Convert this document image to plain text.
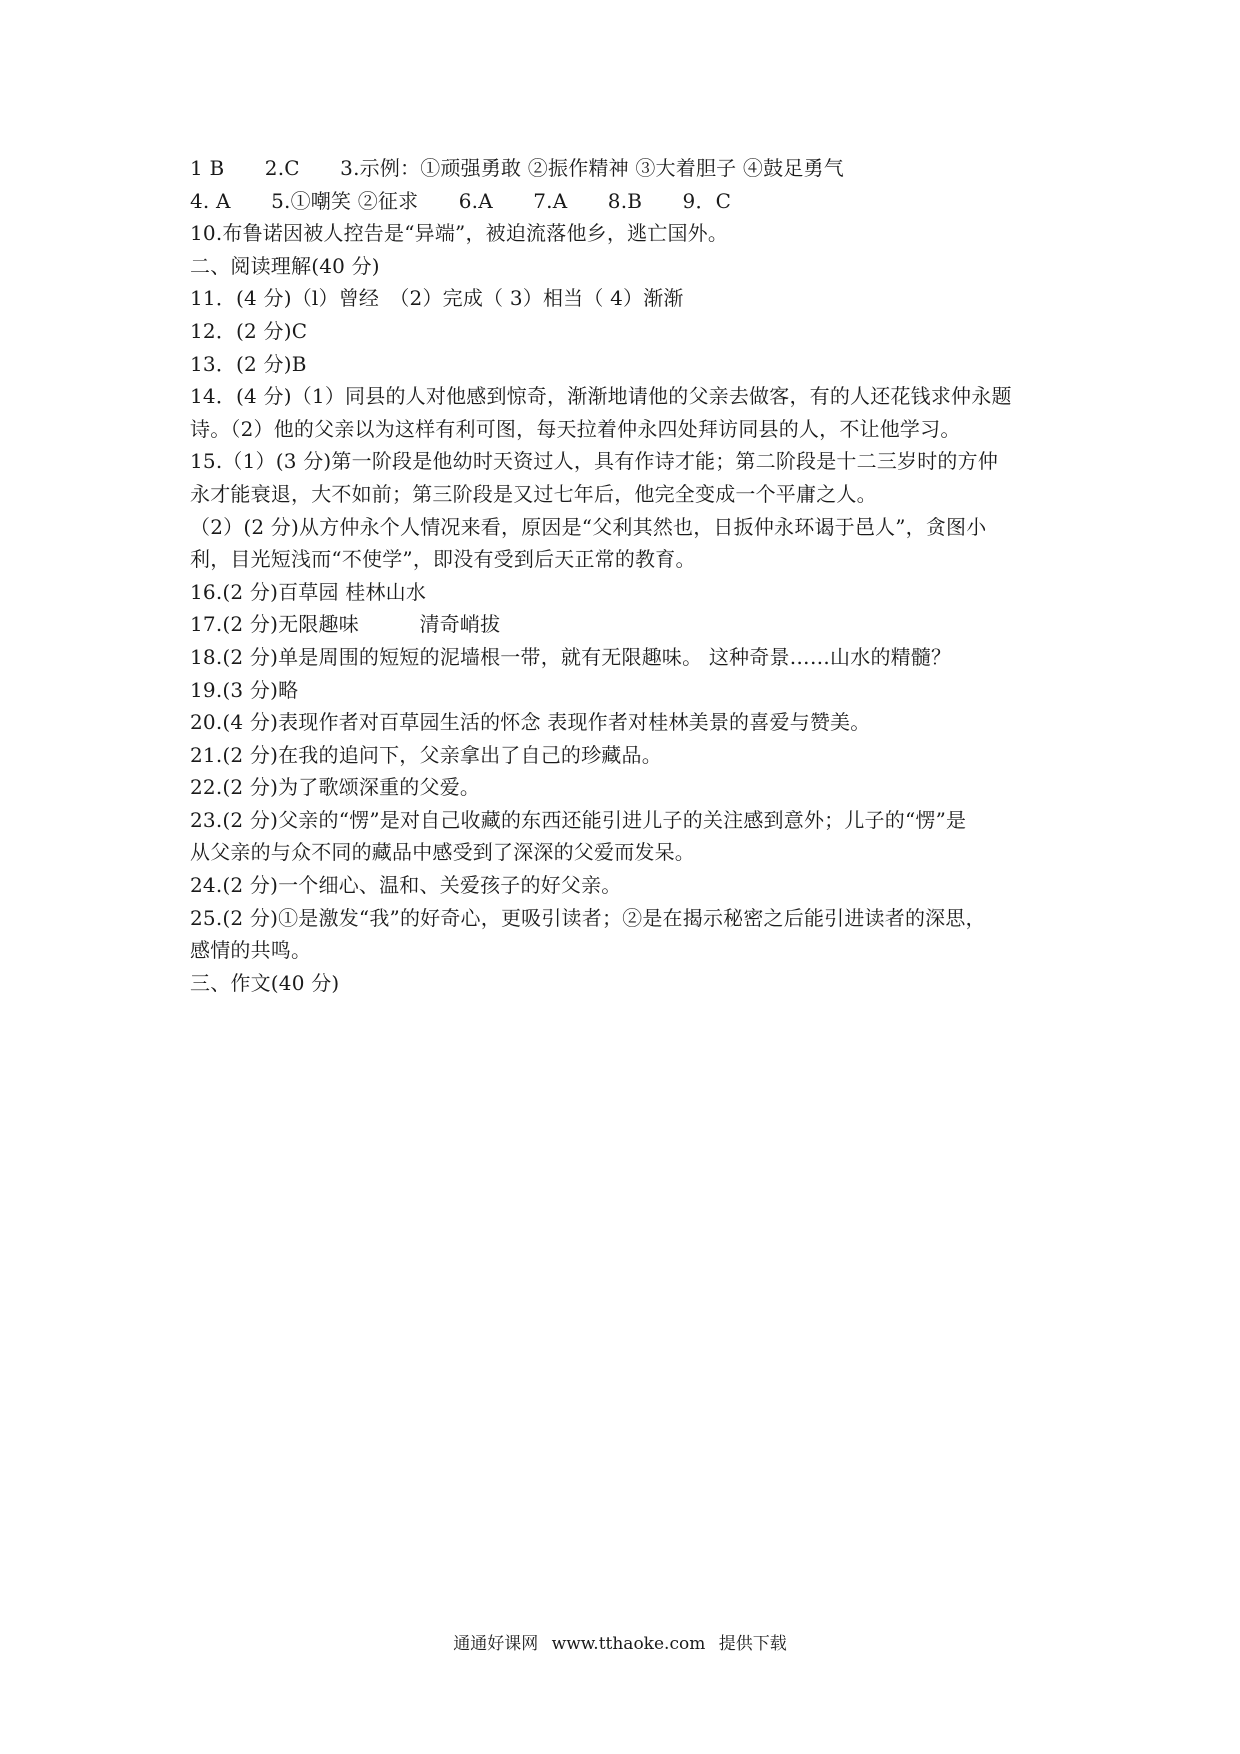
1 B　　2.C　　3.示例：①顽强勇敢 ②振作精神 ③大着胆子 ④鼓足勇气
4. A　　5.①嘲笑 ②征求　　6.A　　7.A　　8.B　　9．C
10.布鲁诺因被人控告是“异端”，被迫流落他乡，逃亡国外。
二、阅读理解(40 分)
11．(4 分)（l）曾经　（2）完成（ 3）相当（ 4）渐渐
12．(2 分)C
13．(2 分)B
14．(4 分)（1）同县的人对他感到惊奇，渐渐地请他的父亲去做客，有的人还花钱求仲永题
诗。（2）他的父亲以为这样有利可图，每天拉着仲永四处拜访同县的人，不让他学习。
15.（1）(3 分)第一阶段是他幼时天资过人，具有作诗才能；第二阶段是十二三岁时的方仲
永才能衰退，大不如前；第三阶段是又过七年后，他完全变成一个平庸之人。
（2）(2 分)从方仲永个人情况来看，原因是“父利其然也，日扳仲永环谒于邑人”，贪图小
利，目光短浅而“不使学”，即没有受到后天正常的教育。
16.(2 分)百草园 桂林山水
17.(2 分)无限趣味　　　清奇峭拔
18.(2 分)单是周围的短短的泥墙根一带，就有无限趣味。 这种奇景……山水的精髓？
19.(3 分)略
20.(4 分)表现作者对百草园生活的怀念 表现作者对桂林美景的喜爱与赞美。
21.(2 分)在我的追问下，父亲拿出了自己的珍藏品。
22.(2 分)为了歌颂深重的父爱。
23.(2 分)父亲的“愣”是对自己收藏的东西还能引进儿子的关注感到意外；儿子的“愣”是
从父亲的与众不同的藏品中感受到了深深的父爱而发呆。
24.(2 分)一个细心、温和、关爱孩子的好父亲。
25.(2 分)①是激发“我”的好奇心，更吸引读者；②是在揭示秘密之后能引进读者的深思，
感情的共鸣。
三、作文(40 分)
通通好课网 www.tthaoke.com 提供下载
